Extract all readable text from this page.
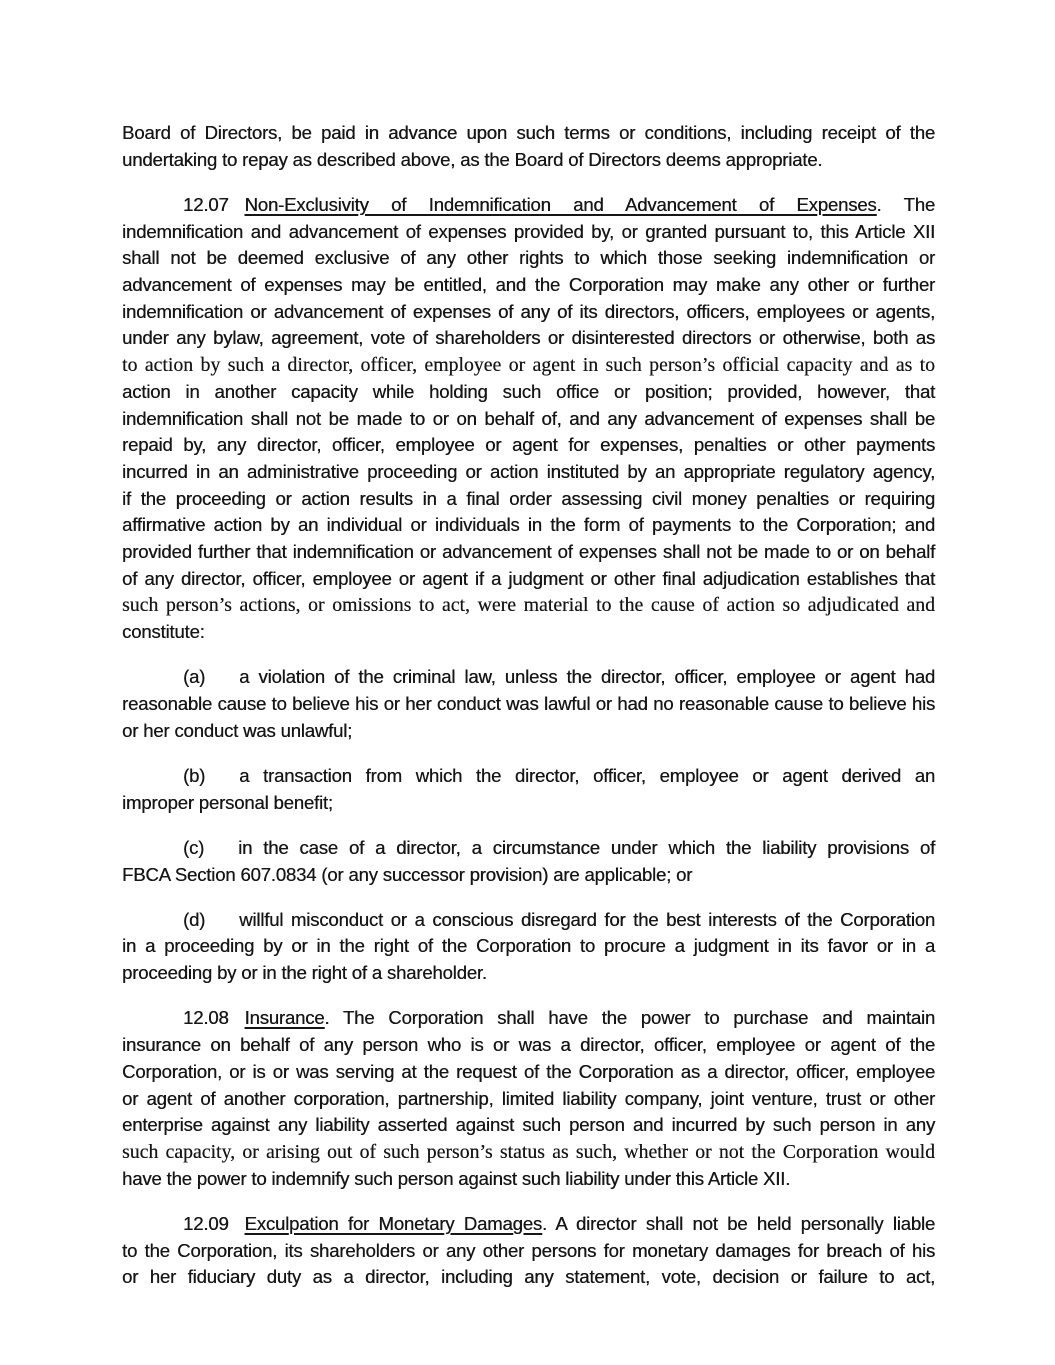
Board of Directors, be paid in advance upon such terms or conditions, including receipt of the
undertaking to repay as described above, as the Board of Directors deems appropriate.
12.07 Non-Exclusivity of Indemnification and Advancement of Expenses. The
indemnification and advancement of expenses provided by, or granted pursuant to, this Article XII
shall not be deemed exclusive of any other rights to which those seeking indemnification or
advancement of expenses may be entitled, and the Corporation may make any other or further
indemnification or advancement of expenses of any of its directors, officers, employees or agents,
under any bylaw, agreement, vote of shareholders or disinterested directors or otherwise, both as
to action by such a director, officer, employee or agent in such person’s official capacity and as to
action in another capacity while holding such office or position; provided, however, that
indemnification shall not be made to or on behalf of, and any advancement of expenses shall be
repaid by, any director, officer, employee or agent for expenses, penalties or other payments
incurred in an administrative proceeding or action instituted by an appropriate regulatory agency,
if the proceeding or action results in a final order assessing civil money penalties or requiring
affirmative action by an individual or individuals in the form of payments to the Corporation; and
provided further that indemnification or advancement of expenses shall not be made to or on behalf
of any director, officer, employee or agent if a judgment or other final adjudication establishes that
such person’s actions, or omissions to act, were material to the cause of action so adjudicated and
constitute:
(a) a violation of the criminal law, unless the director, officer, employee or agent had
reasonable cause to believe his or her conduct was lawful or had no reasonable cause to believe his
or her conduct was unlawful;
(b) a transaction from which the director, officer, employee or agent derived an
improper personal benefit;
(c) in the case of a director, a circumstance under which the liability provisions of
FBCA Section 607.0834 (or any successor provision) are applicable; or
(d) willful misconduct or a conscious disregard for the best interests of the Corporation
in a proceeding by or in the right of the Corporation to procure a judgment in its favor or in a
proceeding by or in the right of a shareholder.
12.08 Insurance. The Corporation shall have the power to purchase and maintain
insurance on behalf of any person who is or was a director, officer, employee or agent of the
Corporation, or is or was serving at the request of the Corporation as a director, officer, employee
or agent of another corporation, partnership, limited liability company, joint venture, trust or other
enterprise against any liability asserted against such person and incurred by such person in any
such capacity, or arising out of such person’s status as such, whether or not the Corporation would
have the power to indemnify such person against such liability under this Article XII.
12.09 Exculpation for Monetary Damages. A director shall not be held personally liable
to the Corporation, its shareholders or any other persons for monetary damages for breach of his
or her fiduciary duty as a director, including any statement, vote, decision or failure to act,
